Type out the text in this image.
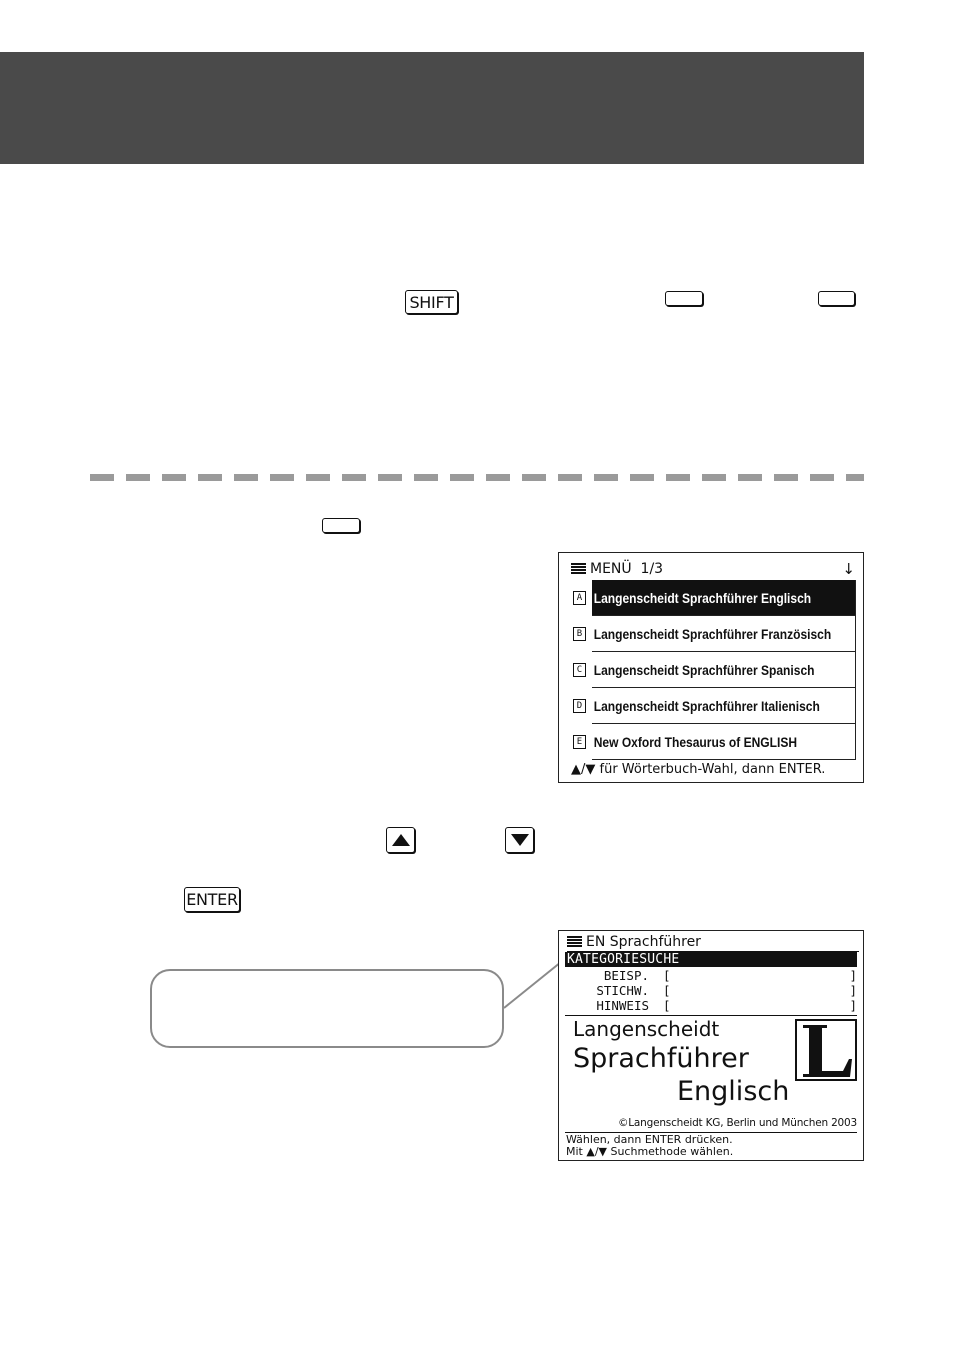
SHIFT
MENÜ  1/3	↓
A Langenscheidt Sprachführer Englisch
B Langenscheidt Sprachführer Französisch
C Langenscheidt Sprachführer Spanisch
D Langenscheidt Sprachführer Italienisch
E New Oxford Thesaurus of ENGLISH
▲/▼ für Wörterbuch-Wahl, dann ENTER.
ENTER
EN Sprachführer
KATEGORIESUCHE
BEISP. [	]
STICHW. [	]
HINWEIS [	]
Langenscheidt
Sprachführer
Englisch
©Langenscheidt KG, Berlin und München 2003
Wählen, dann ENTER drücken.
Mit ▲/▼ Suchmethode wählen.
